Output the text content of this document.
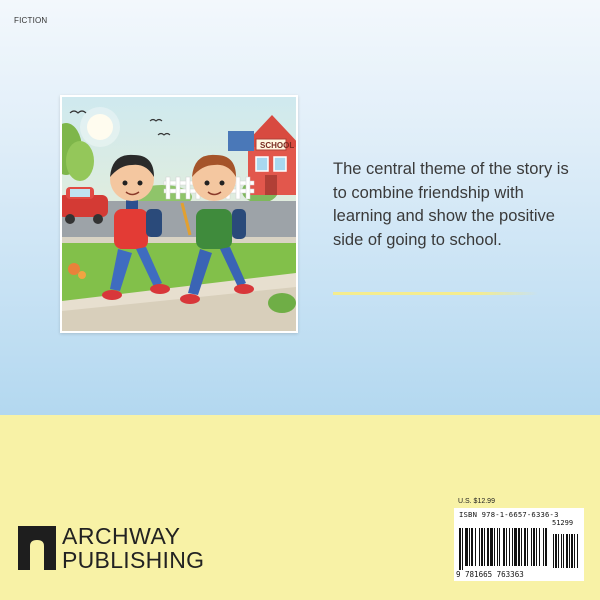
FICTION
SCHOOL
The central theme of the story is to combine friendship with learning and show the positive side of going to school.
ARCHWAY
PUBLISHING
U.S. $12.99
ISBN 978-1-6657-6336-3
51299
9 781665 763363
